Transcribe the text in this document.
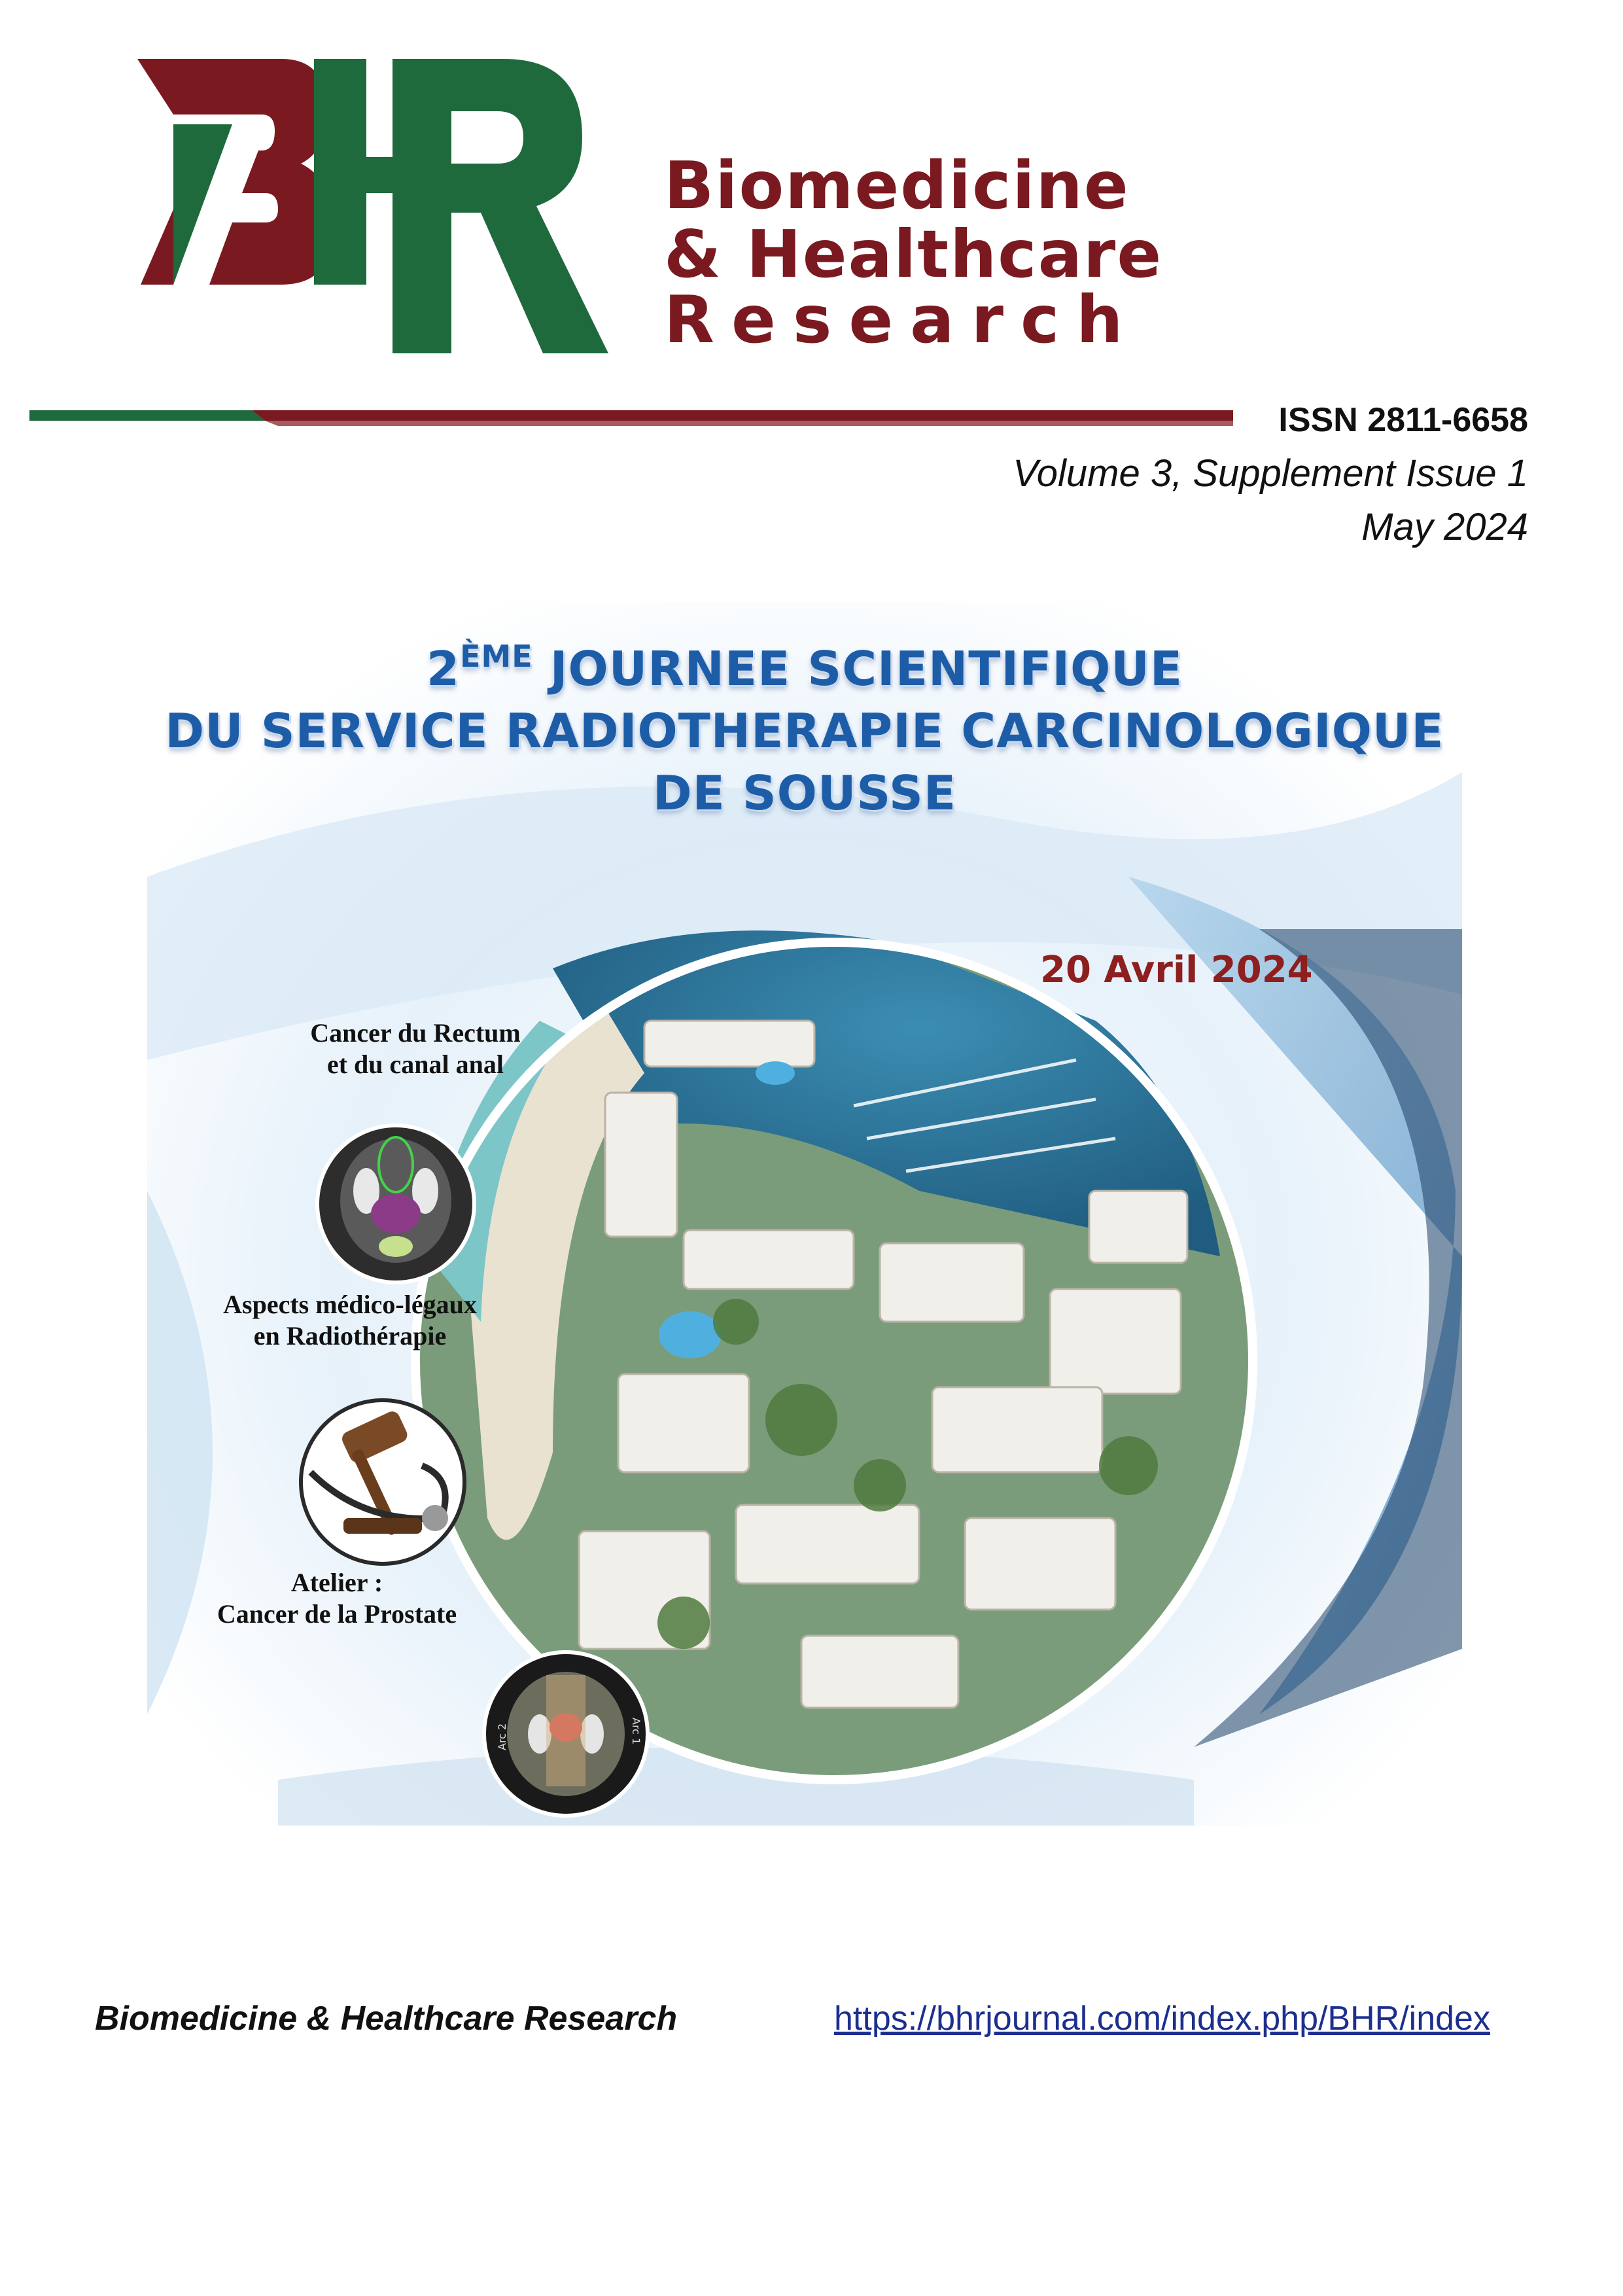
Biomedicine
& Healthcare
Research
ISSN 2811-6658
Volume 3, Supplement Issue 1
May 2024
Arc 2	Arc 1
2ÈME JOURNEE SCIENTIFIQUE
DU SERVICE RADIOTHERAPIE CARCINOLOGIQUE
DE SOUSSE
20 Avril 2024
Cancer du Rectum
et du canal anal
Aspects médico-légaux
en Radiothérapie
Atelier :
Cancer de la Prostate
Biomedicine & Healthcare Research	https://bhrjournal.com/index.php/BHR/index
